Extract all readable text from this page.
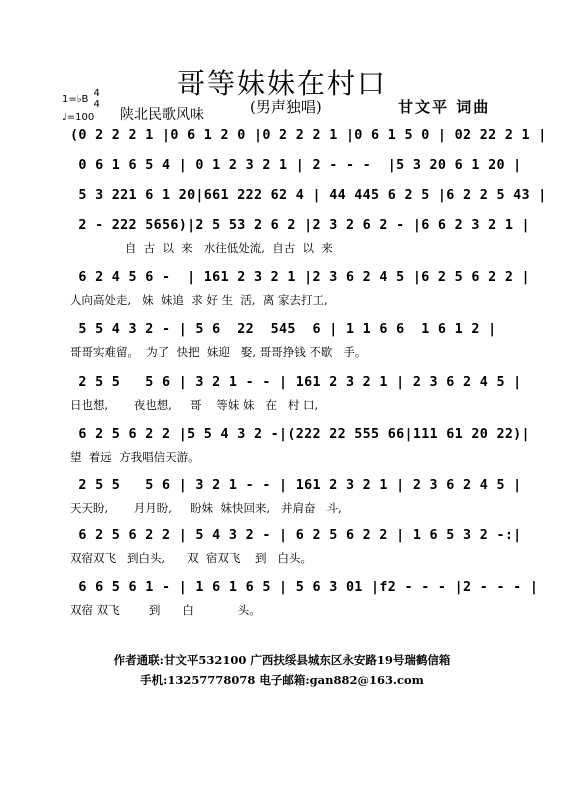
哥等妹妹在村口
1=♭B 4
4
♩=100 陕北民歌风味	(男声独唱)	甘文平 词曲
(0 2 2 2 1 |0 6 1 2 0 |0 2 2 2 1 |0 6 1 5 0 | 02 22 2 1 |
0 6 1 6 5 4 | 0 1 2 3 2 1 | 2 - - -  |5 3 20 6 1 20 |
5 3 221 6 1 20|661 222 62 4 | 44 445 6 2 5 |6 2 2 5 43 |
2 - 222 5656)|2 5 53 2 6 2 |2 3 2 6 2 - |6 6 2 3 2 1 |
自  古  以  来   水往低处流,  自古  以  来
6 2 4 5 6 -  | 161 2 3 2 1 |2 3 6 2 4 5 |6 2 5 6 2 2 |
人向高处走,   妹  妹追  求 好 生  活,  离 家去打工,
5 5 4 3 2 - | 5 6  22  545  6 | 1 1 6 6  1 6 1 2 |
哥哥实难留。  为了  快把  妹迎   娶, 哥哥挣钱 不歇   手。
2 5 5   5 6 | 3 2 1 - - | 161 2 3 2 1 | 2 3 6 2 4 5 |
日也想,       夜也想,     哥    等妹 妹   在   村 口,
6 2 5 6 2 2 |5 5 4 3 2 -|(222 22 555 66|111 61 20 22)|
望  着远  方我唱信天游。
2 5 5   5 6 | 3 2 1 - - | 161 2 3 2 1 | 2 3 6 2 4 5 |
天天盼,       月月盼,     盼妹  妹快回来,   并肩奋   斗,
6 2 5 6 2 2 | 5 4 3 2 - | 6 2 5 6 2 2 | 1 6 5 3 2 -:|
双宿双飞   到白头,      双  宿双飞    到   白头。
6 6 5 6 1 - | 1 6 1 6 5 | 5 6 3 01 |f2 - - - |2 - - - |
双宿 双飞        到      白            头。
作者通联:甘文平532100 广西扶绥县城东区永安路19号瑞鹤信箱
手机:13257778078 电子邮箱:gan882@163.com
